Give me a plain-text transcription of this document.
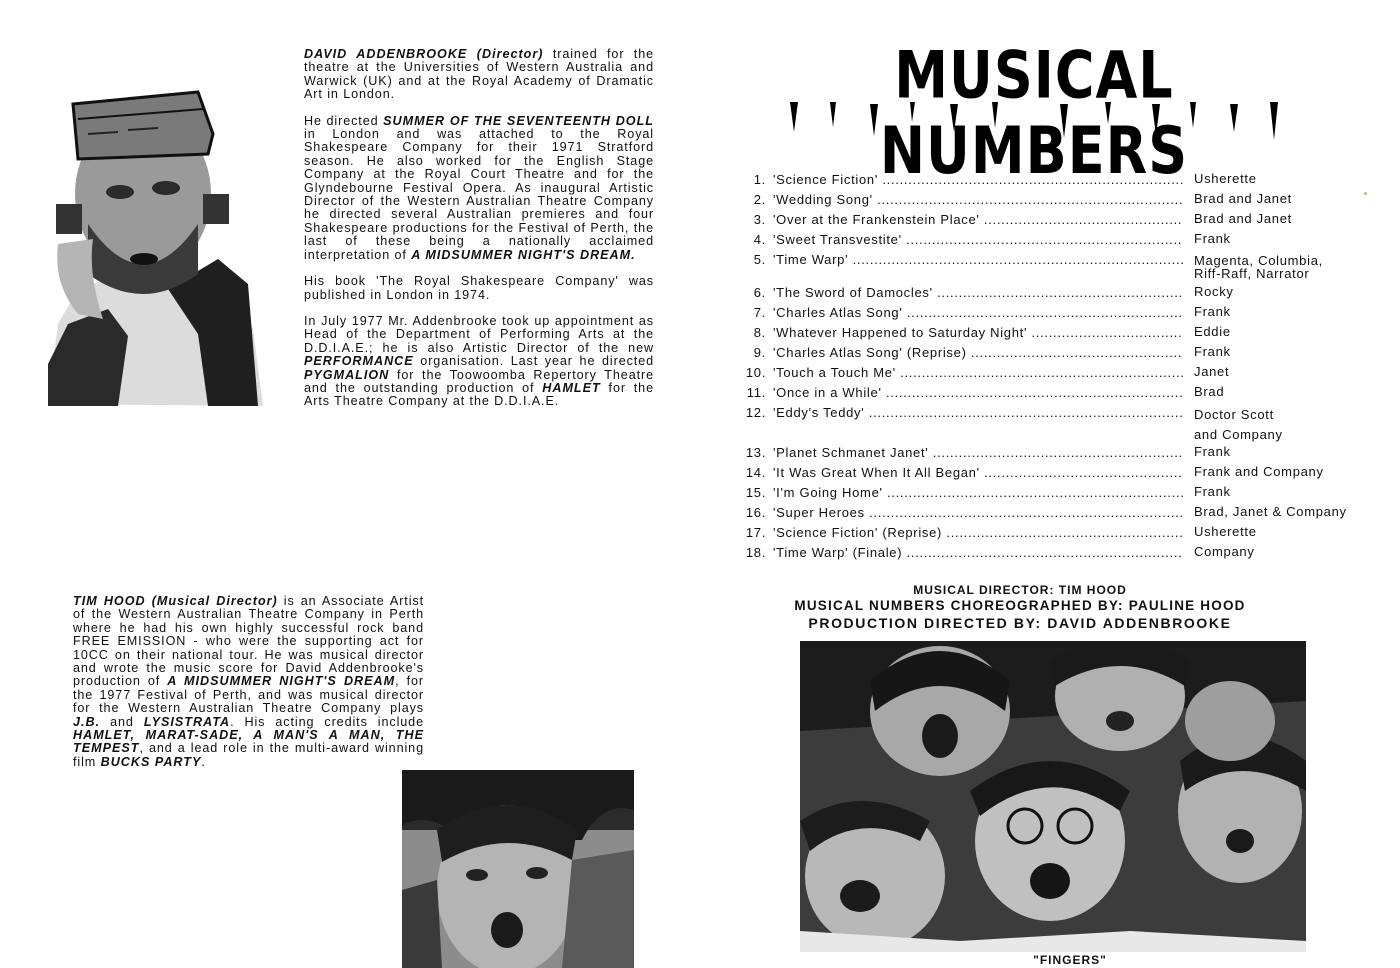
DAVID ADDENBROOKE (Director) trained for the theatre at the Universities of Western Australia and Warwick (UK) and at the Royal Academy of Dramatic Art in London.

He directed SUMMER OF THE SEVENTEENTH DOLL in London and was attached to the Royal Shakespeare Company for their 1971 Stratford season. He also worked for the English Stage Company at the Royal Court Theatre and for the Glyndebourne Festival Opera. As inaugural Artistic Director of the Western Australian Theatre Company he directed several Australian premieres and four Shakespeare productions for the Festival of Perth, the last of these being a nationally acclaimed interpretation of A MIDSUMMER NIGHT'S DREAM.

His book 'The Royal Shakespeare Company' was published in London in 1974.

In July 1977 Mr. Addenbrooke took up appointment as Head of the Department of Performing Arts at the D.D.I.A.E.; he is also Artistic Director of the new PERFORMANCE organisation. Last year he directed PYGMALION for the Toowoomba Repertory Theatre and the outstanding production of HAMLET for the Arts Theatre Company at the D.D.I.A.E.

TIM HOOD (Musical Director) is an Associate Artist of the Western Australian Theatre Company in Perth where he had his own highly successful rock band FREE EMISSION - who were the supporting act for 10CC on their national tour. He was musical director and wrote the music score for David Addenbrooke's production of A MIDSUMMER NIGHT'S DREAM, for the 1977 Festival of Perth, and was musical director for the Western Australian Theatre Company plays J.B. and LYSISTRATA. His acting credits include HAMLET, MARAT-SADE, A MAN'S A MAN, THE TEMPEST, and a lead role in the multi-award winning film BUCKS PARTY.

MUSICAL NUMBERS
1. 'Science Fiction' .....	Usherette
2. 'Wedding Song' .....	Brad and Janet
3. 'Over at the Frankenstein Place' .....	Brad and Janet
4. 'Sweet Transvestite' .....	Frank
5. 'Time Warp' .....	Magenta, Columbia,
Riff-Raff, Narrator
6. 'The Sword of Damocles' .....	Rocky
7. 'Charles Atlas Song' .....	Frank
8. 'Whatever Happened to Saturday Night' .....	Eddie
9. 'Charles Atlas Song' (Reprise) .....	Frank
10. 'Touch a Touch Me' .....	Janet
11. 'Once in a While' .....	Brad
12. 'Eddy's Teddy' .....	Doctor Scott
and Company
13. 'Planet Schmanet Janet' .....	Frank
14. 'It Was Great When It All Began' .....	Frank and Company
15. 'I'm Going Home' .....	Frank
16. 'Super Heroes .....	Brad, Janet & Company
17. 'Science Fiction' (Reprise) .....	Usherette
18. 'Time Warp' (Finale) .....	Company
MUSICAL DIRECTOR: TIM HOOD
MUSICAL NUMBERS CHOREOGRAPHED BY: PAULINE HOOD
PRODUCTION DIRECTED BY: DAVID ADDENBROOKE
"FINGERS"
